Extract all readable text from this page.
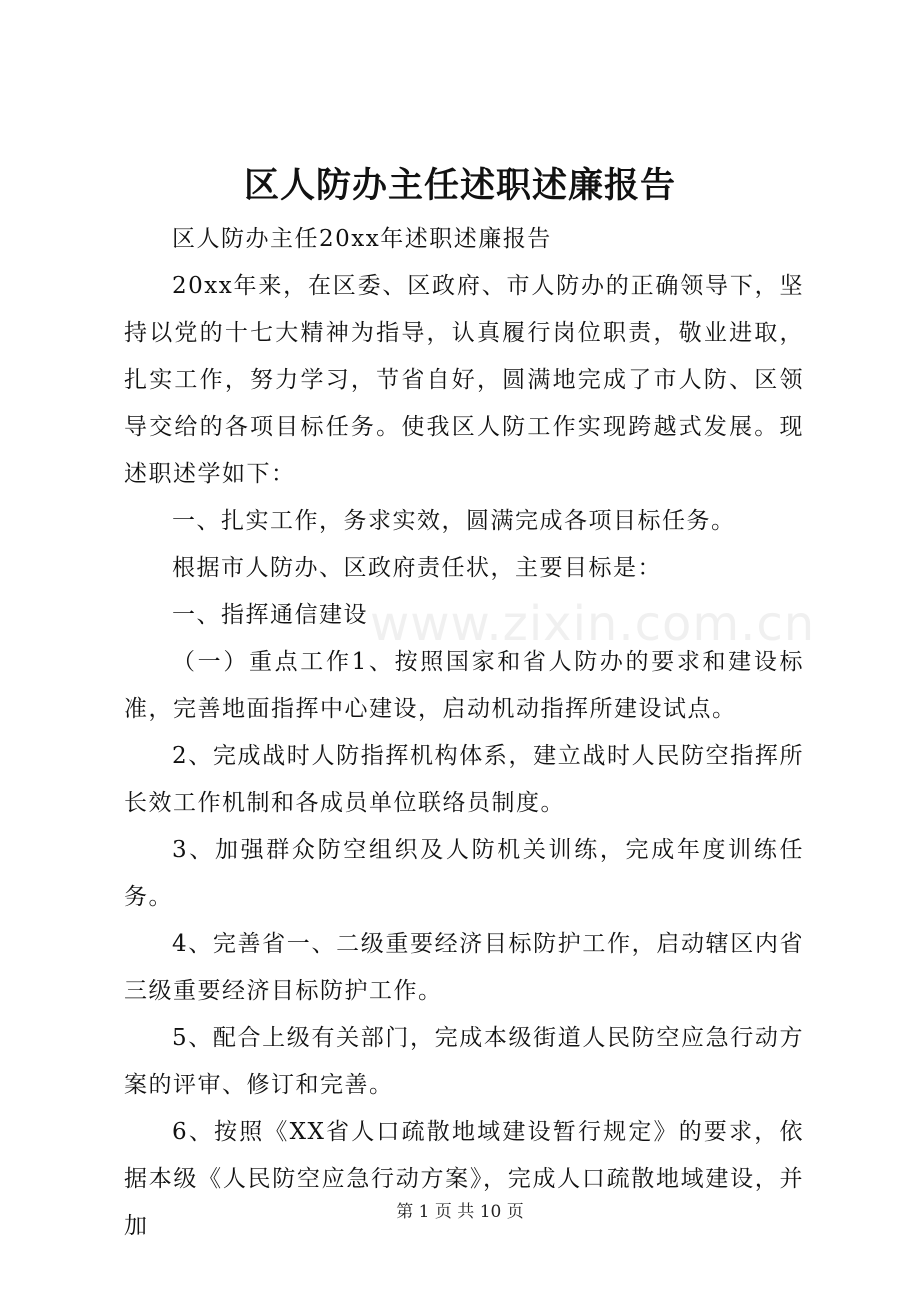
区人防办主任述职述廉报告

区人防办主任20xx年述职述廉报告

20xx年来，在区委、区政府、市人防办的正确领导下，坚持以党的十七大精神为指导，认真履行岗位职责，敬业进取，扎实工作，努力学习，节省自好，圆满地完成了市人防、区领导交给的各项目标任务。使我区人防工作实现跨越式发展。现述职述学如下：

一、扎实工作，务求实效，圆满完成各项目标任务。

根据市人防办、区政府责任状，主要目标是：

一、指挥通信建设

（一）重点工作1、按照国家和省人防办的要求和建设标准，完善地面指挥中心建设，启动机动指挥所建设试点。

2、完成战时人防指挥机构体系，建立战时人民防空指挥所长效工作机制和各成员单位联络员制度。

3、加强群众防空组织及人防机关训练，完成年度训练任务。

4、完善省一、二级重要经济目标防护工作，启动辖区内省三级重要经济目标防护工作。

5、配合上级有关部门，完成本级街道人民防空应急行动方案的评审、修订和完善。

6、按照《XX省人口疏散地域建设暂行规定》的要求，依据本级《人民防空应急行动方案》，完成人口疏散地域建设，并加

www.zixin.com.cn
第 1 页 共 10 页
